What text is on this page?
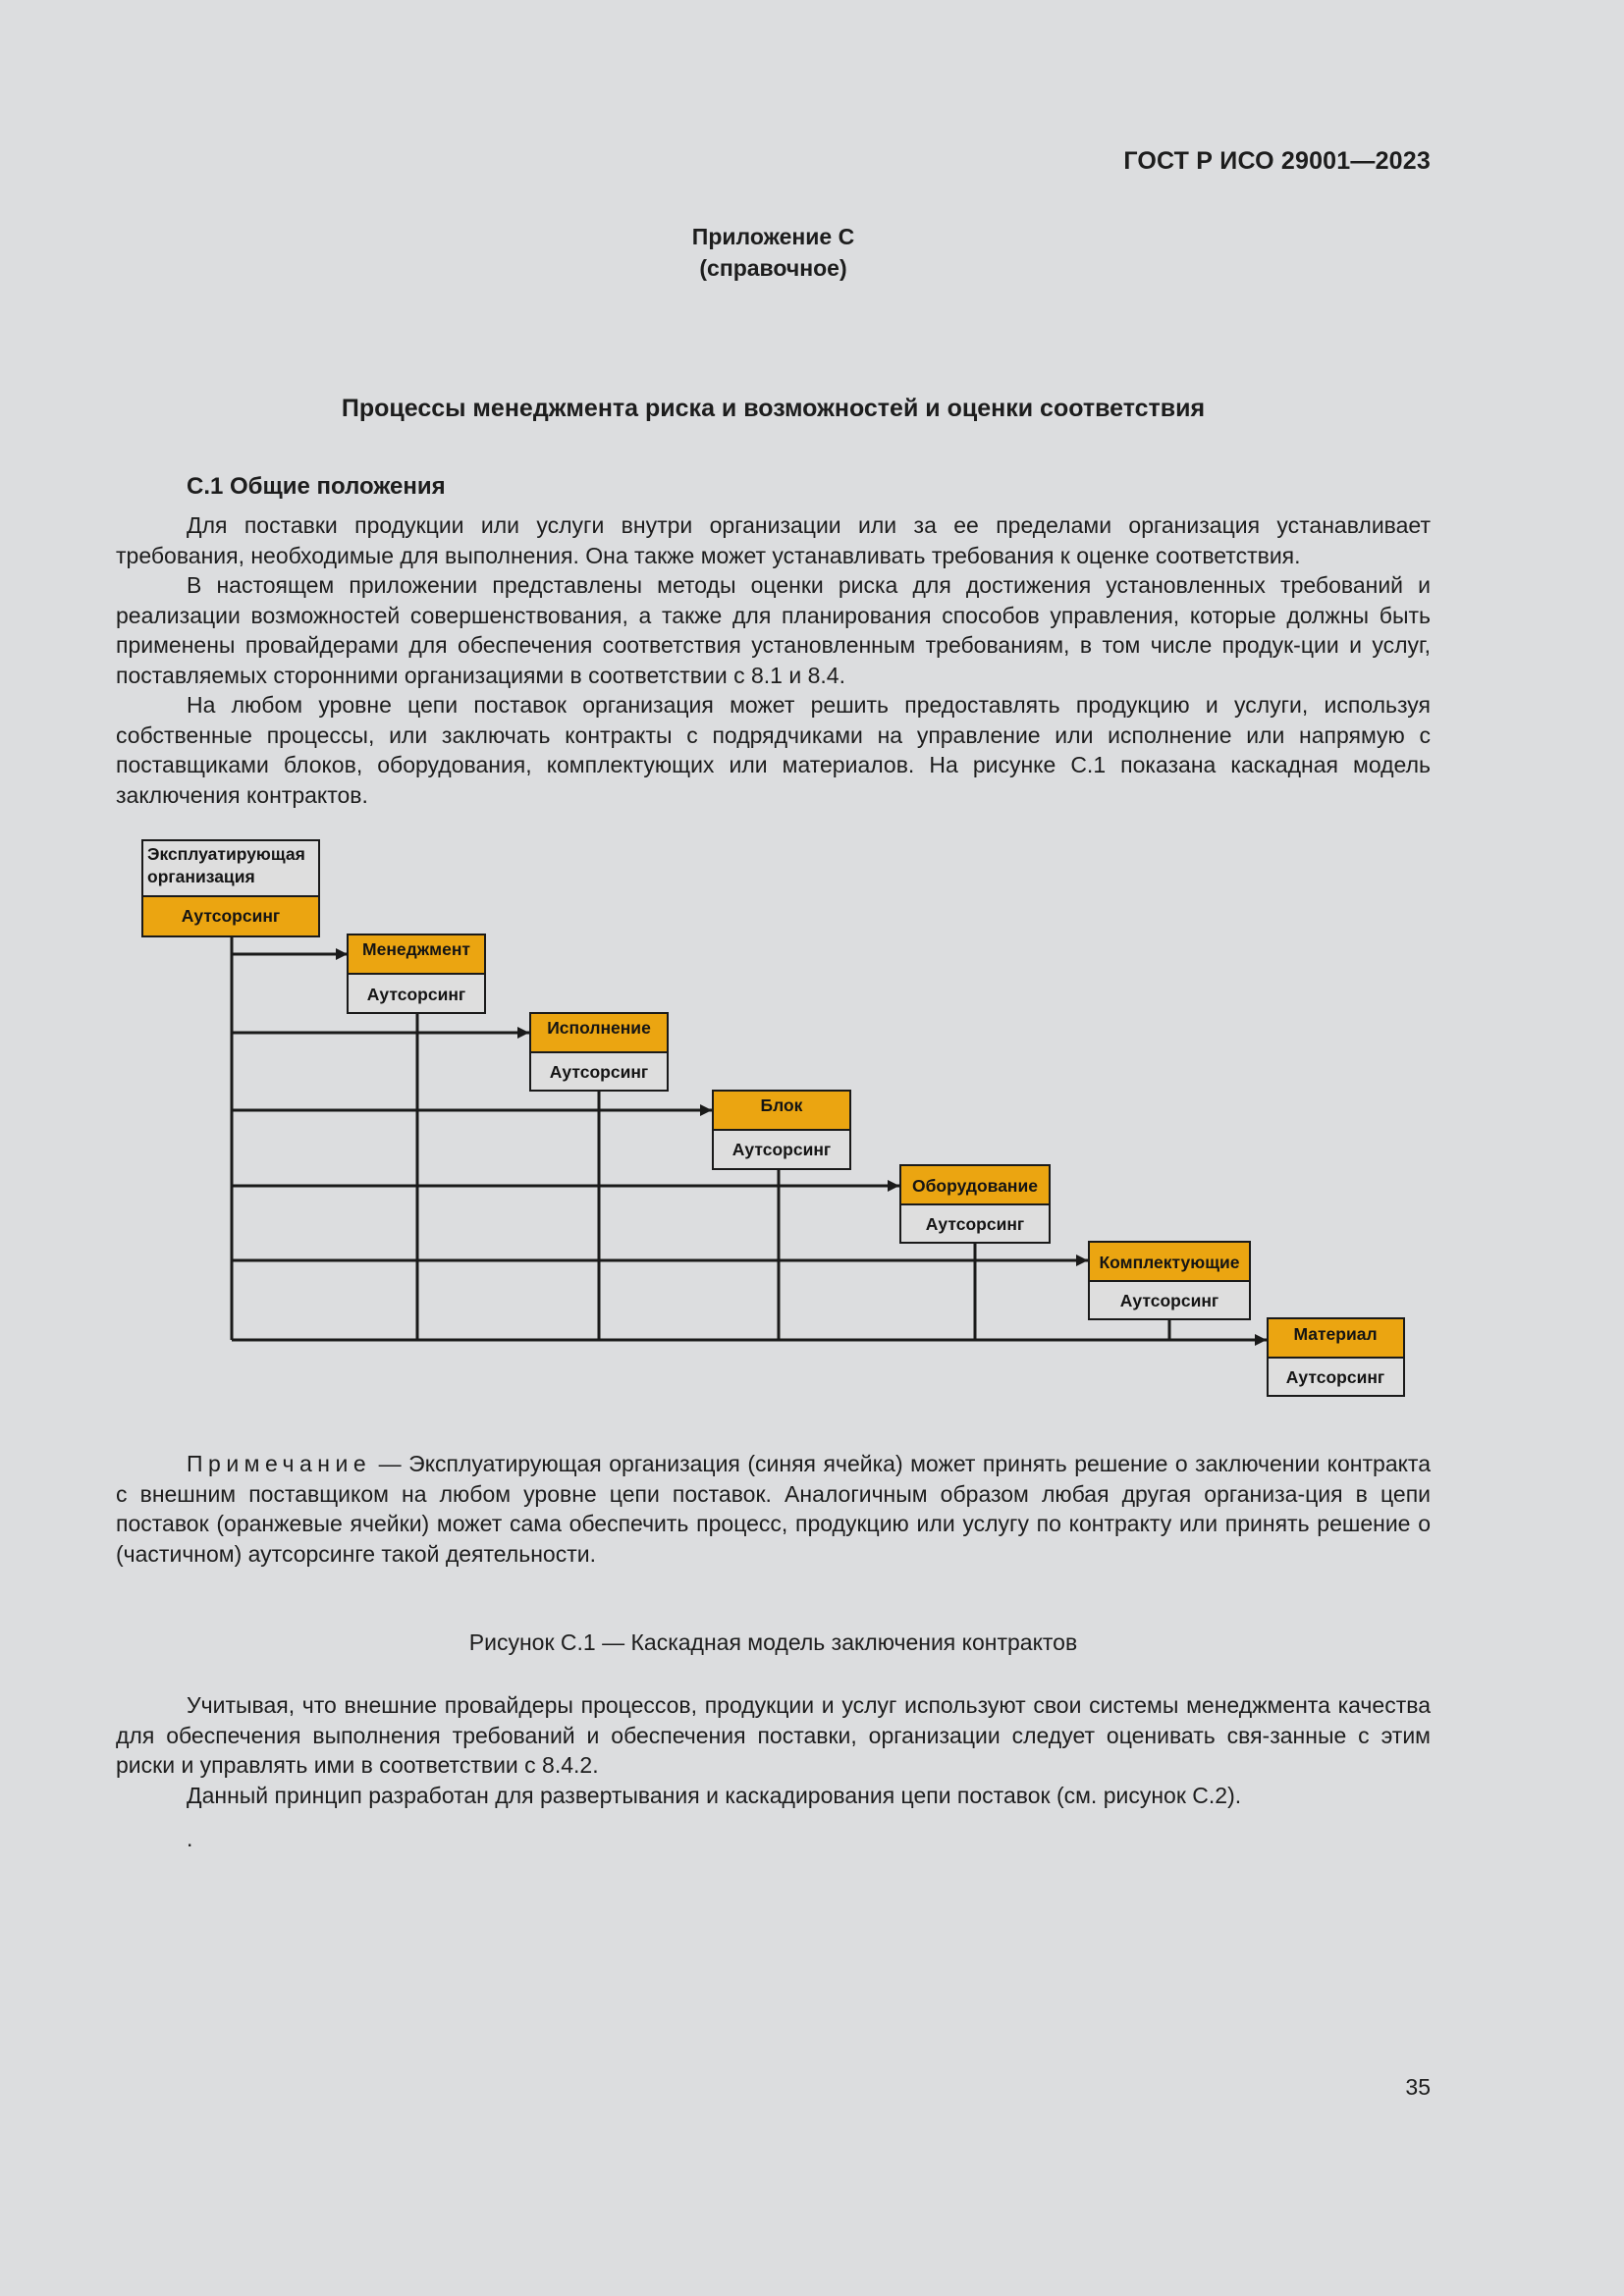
ГОСТ Р ИСО 29001—2023
Приложение С
(справочное)
Процессы менеджмента риска и возможностей и оценки соответствия
С.1 Общие положения

Для поставки продукции или услуги внутри организации или за ее пределами организация устанавливает требования, необходимые для выполнения. Она также может устанавливать требования к оценке соответствия.

В настоящем приложении представлены методы оценки риска для достижения установленных требований и реализации возможностей совершенствования, а также для планирования способов управления, которые должны быть применены провайдерами для обеспечения соответствия установленным требованиям, в том числе продук-ции и услуг, поставляемых сторонними организациями в соответствии с 8.1 и 8.4.

На любом уровне цепи поставок организация может решить предоставлять продукцию и услуги, используя собственные процессы, или заключать контракты с подрядчиками на управление или исполнение или напрямую с поставщиками блоков, оборудования, комплектующих или материалов. На рисунке С.1 показана каскадная модель заключения контрактов.

Эксплуатирующая
организация
Аутсорсинг
Менеджмент
Аутсорсинг
Исполнение
Аутсорсинг
Блок
Аутсорсинг
Оборудование
Аутсорсинг
Комплектующие
Аутсорсинг
Материал
Аутсорсинг

Примечание — Эксплуатирующая организация (синяя ячейка) может принять решение о заключении контракта с внешним поставщиком на любом уровне цепи поставок. Аналогичным образом любая другая организа-ция в цепи поставок (оранжевые ячейки) может сама обеспечить процесс, продукцию или услугу по контракту или принять решение о (частичном) аутсорсинге такой деятельности.

Рисунок С.1 — Каскадная модель заключения контрактов

Учитывая, что внешние провайдеры процессов, продукции и услуг используют свои системы менеджмента качества для обеспечения выполнения требований и обеспечения поставки, организации следует оценивать свя-занные с этим риски и управлять ими в соответствии с 8.4.2.

Данный принцип разработан для развертывания и каскадирования цепи поставок (см. рисунок С.2).

.
35
